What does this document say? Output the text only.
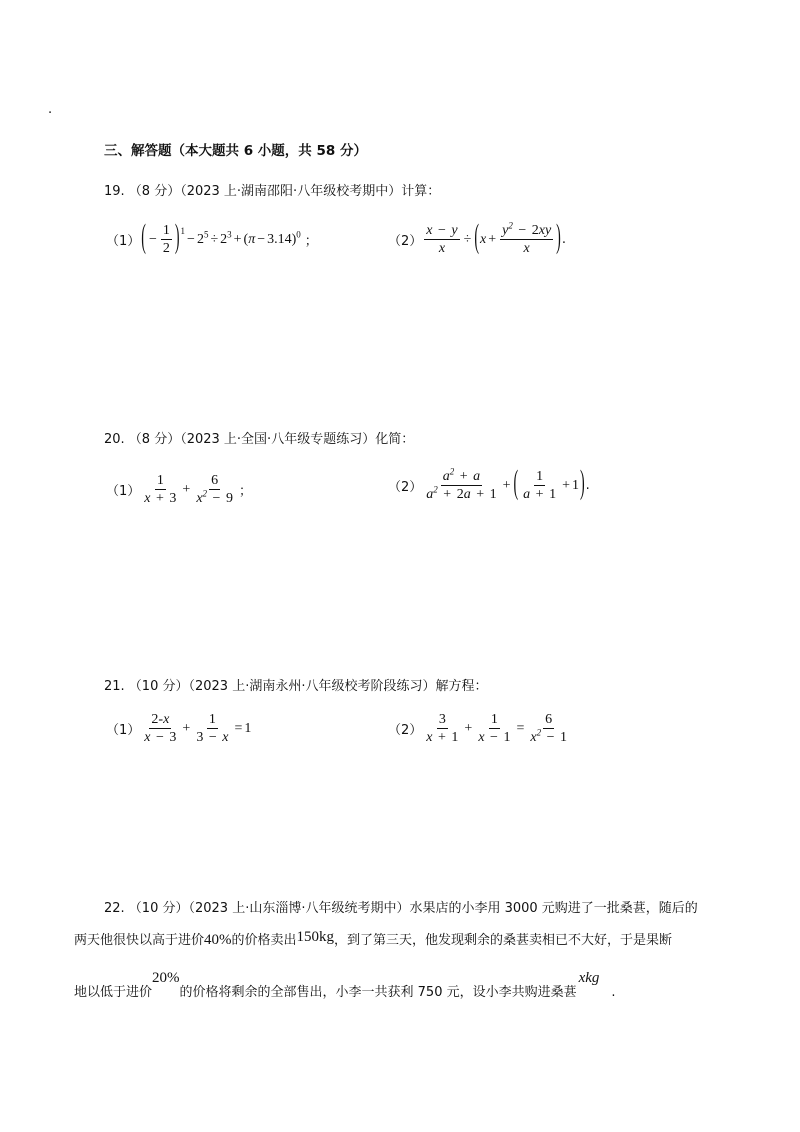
.
三、解答题（本大题共 6 小题，共 58 分）
19. （8 分）（2023 上·湖南邵阳·八年级校考期中）计算：
（1） ( − $\frac{1}{2}$ ) 1
− $2^5 \div 2^3$ + ( π − 3.14)$^0$
；	$(2) \frac{x - y}{x}$ ÷ ( $x + \frac{y^2 - 2xy}{x}$ ) .
20. （8 分）（2023 上·全国·八年级专题练习）化简：
$(1) \frac{1}{x + 3} + \frac{6}{x^2 - 9}$ ；	$(2) \frac{a^2 + a}{a^2 + 2a + 1}$ + ( $\frac{1}{a + 1} + 1$ ) .
21. （10 分）（2023 上·湖南永州·八年级校考阶段练习）解方程：
$(1) \frac{2-x}{x - 3} + \frac{1}{3 - x} = 1$	$(2) \frac{3}{x + 1} + \frac{1}{x - 1} = \frac{6}{x^2 - 1}$
22. （10 分）（2023 上·山东淄博·八年级统考期中）水果店的小李用 3000 元购进了一批桑葚，随后的
两天他很快以高于进价40%的价格卖出150kg，到了第三天，他发现剩余的桑葚卖相已不大好，于是果断
地以低于进价20%的价格将剩余的全部售出，小李一共获利 750 元，设小李共购进桑葚xkg.
